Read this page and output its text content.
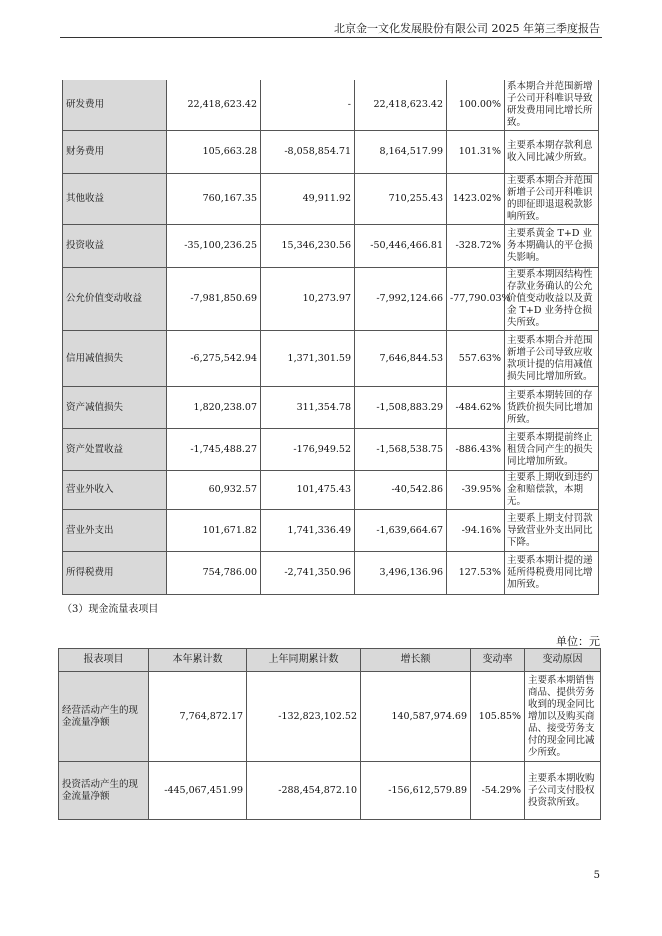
北京金一文化发展股份有限公司 2025 年第三季度报告
研发费用	22,418,623.42	-	22,418,623.42	100.00%	系本期合并范围新增子公司开科唯识导致研发费用同比增长所致。
财务费用	105,663.28	-8,058,854.71	8,164,517.99	101.31%	主要系本期存款利息收入同比减少所致。
其他收益	760,167.35	49,911.92	710,255.43	1423.02%	主要系本期合并范围新增子公司开科唯识的即征即退退税款影响所致。
投资收益	-35,100,236.25	15,346,230.56	-50,446,466.81	-328.72%	主要系黄金 T+D 业务本期确认的平仓损失影响。
公允价值变动收益	-7,981,850.69	10,273.97	-7,992,124.66	-77,790.03%	主要系本期因结构性存款业务确认的公允价值变动收益以及黄金 T+D 业务持仓损失所致。
信用减值损失	-6,275,542.94	1,371,301.59	7,646,844.53	557.63%	主要系本期合并范围新增子公司导致应收款项计提的信用减值损失同比增加所致。
资产减值损失	1,820,238.07	311,354.78	-1,508,883.29	-484.62%	主要系本期转回的存货跌价损失同比增加所致。
资产处置收益	-1,745,488.27	-176,949.52	-1,568,538.75	-886.43%	主要系本期提前终止租赁合同产生的损失同比增加所致。
营业外收入	60,932.57	101,475.43	-40,542.86	-39.95%	主要系上期收到违约金和赔偿款，本期无。
营业外支出	101,671.82	1,741,336.49	-1,639,664.67	-94.16%	主要系上期支付罚款导致营业外支出同比下降。
所得税费用	754,786.00	-2,741,350.96	3,496,136.96	127.53%	主要系本期计提的递延所得税费用同比增加所致。
（3）现金流量表项目
单位：元
报表项目	本年累计数	上年同期累计数	增长额	变动率	变动原因
经营活动产生的现金流量净额	7,764,872.17	-132,823,102.52	140,587,974.69	105.85%	主要系本期销售商品、提供劳务收到的现金同比增加以及购买商品、接受劳务支付的现金同比减少所致。
投资活动产生的现金流量净额	-445,067,451.99	-288,454,872.10	-156,612,579.89	-54.29%	主要系本期收购子公司支付股权投资款所致。
5
